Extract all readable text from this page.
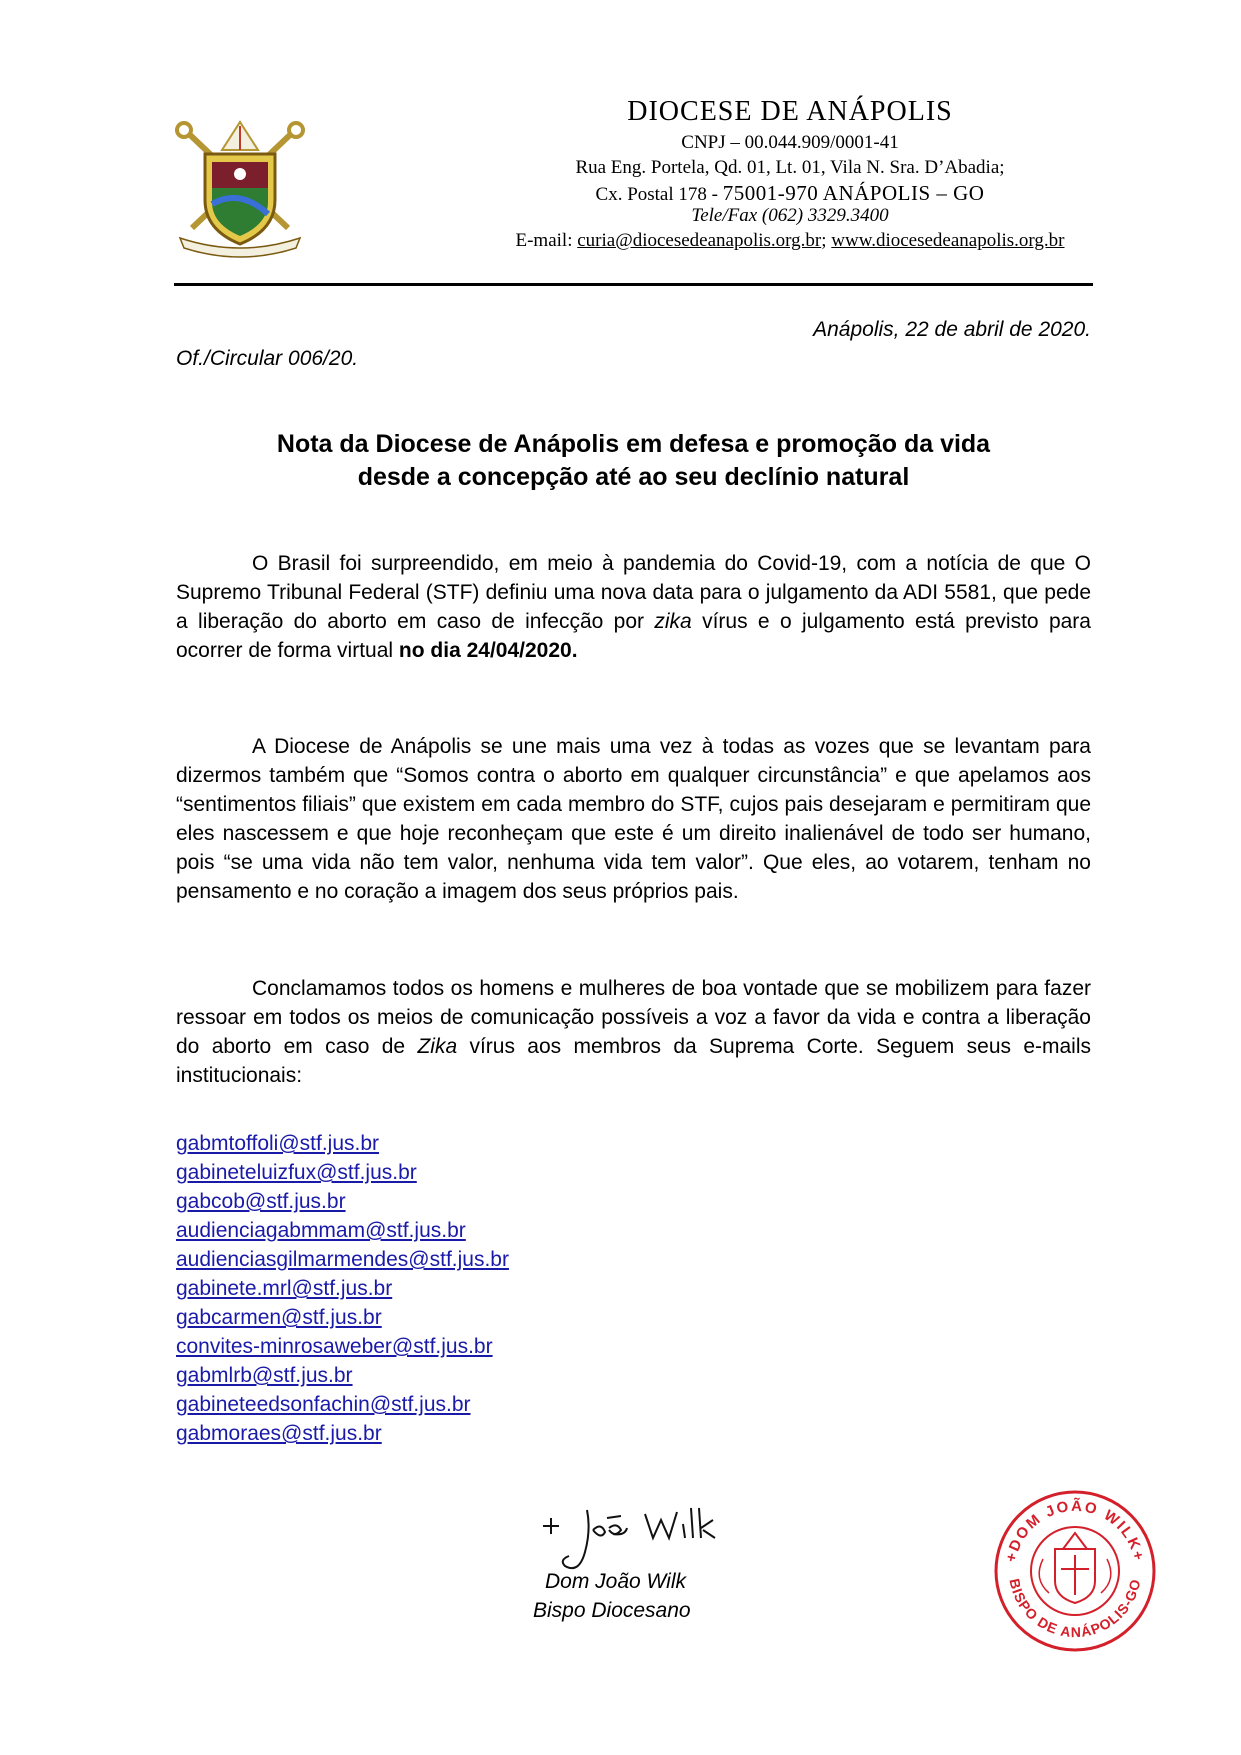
DIOCESE DE ANÁPOLIS
CNPJ – 00.044.909/0001-41
Rua Eng. Portela, Qd. 01, Lt. 01, Vila N. Sra. D’Abadia;
Cx. Postal 178 - 75001-970 ANÁPOLIS – GO
Tele/Fax (062) 3329.3400
E-mail: curia@diocesedeanapolis.org.br; www.diocesedeanapolis.org.br
Anápolis, 22 de abril de 2020.
Of./Circular 006/20.
Nota da Diocese de Anápolis em defesa e promoção da vida
desde a concepção até ao seu declínio natural
O Brasil foi surpreendido, em meio à pandemia do Covid-19, com a notícia de que O Supremo Tribunal Federal (STF) definiu uma nova data para o julgamento da ADI 5581, que pede a liberação do aborto em caso de infecção por zika vírus e o julgamento está previsto para ocorrer de forma virtual no dia 24/04/2020.
A Diocese de Anápolis se une mais uma vez à todas as vozes que se levantam para dizermos também que “Somos contra o aborto em qualquer circunstância” e que apelamos aos “sentimentos filiais” que existem em cada membro do STF, cujos pais desejaram e permitiram que eles nascessem e que hoje reconheçam que este é um direito inalienável de todo ser humano, pois “se uma vida não tem valor, nenhuma vida tem valor”. Que eles, ao votarem, tenham no pensamento e no coração a imagem dos seus próprios pais.
Conclamamos todos os homens e mulheres de boa vontade que se mobilizem para fazer ressoar em todos os meios de comunicação possíveis a voz a favor da vida e contra a liberação do aborto em caso de Zika vírus aos membros da Suprema Corte. Seguem seus e-mails institucionais:
gabmtoffoli@stf.jus.br
gabineteluizfux@stf.jus.br
gabcob@stf.jus.br
audienciagabmmam@stf.jus.br
audienciasgilmarmendes@stf.jus.br
gabinete.mrl@stf.jus.br
gabcarmen@stf.jus.br
convites-minrosaweber@stf.jus.br
gabmlrb@stf.jus.br
gabineteedsonfachin@stf.jus.br
gabmoraes@stf.jus.br
Dom João Wilk
Bispo Diocesano
+DOM JOÃO WILK+
BISPO DE ANÁPOLIS-GO
